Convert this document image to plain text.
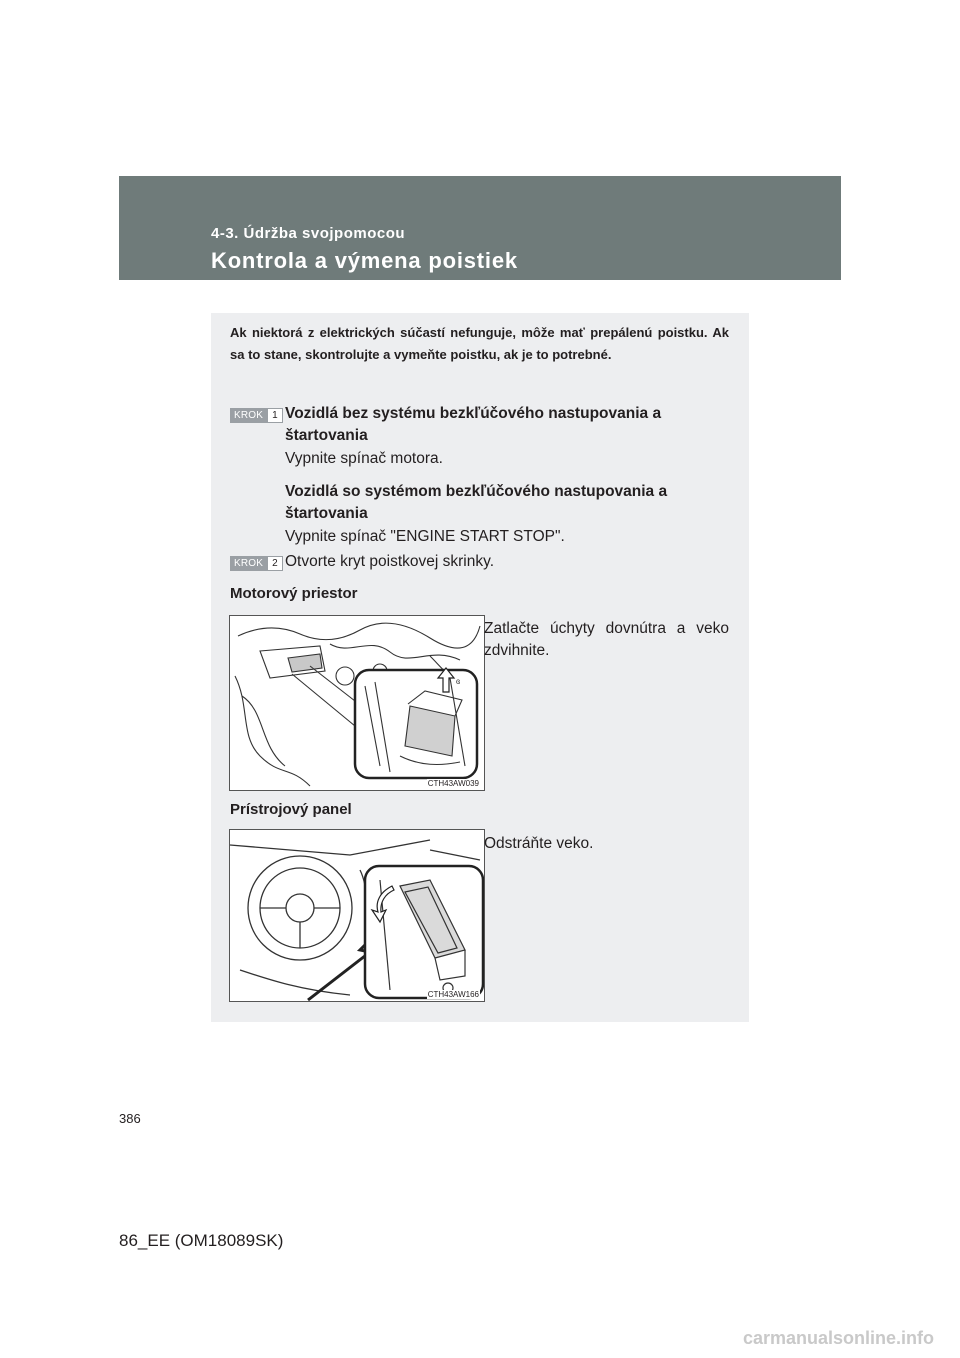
4-3. Údržba svojpomocou
Kontrola a výmena poistiek
Ak niektorá z elektrických súčastí nefunguje, môže mať prepálenú poistku. Ak sa to stane, skontrolujte a vymeňte poistku, ak je to potrebné.
KROK 1 Vozidlá bez systému bezkľúčového nastupovania a štartovania
Vypnite spínač motora.
Vozidlá so systémom bezkľúčového nastupovania a štartovania
Vypnite spínač "ENGINE START STOP".
KROK 2 Otvorte kryt poistkovej skrinky.
Motorový priestor
ɞ
CTH43AW039
Zatlačte úchyty dovnútra a veko zdvihnite.
Prístrojový panel
CTH43AW166
Odstráňte veko.
386
86_EE (OM18089SK)
carmanualsonline.info
